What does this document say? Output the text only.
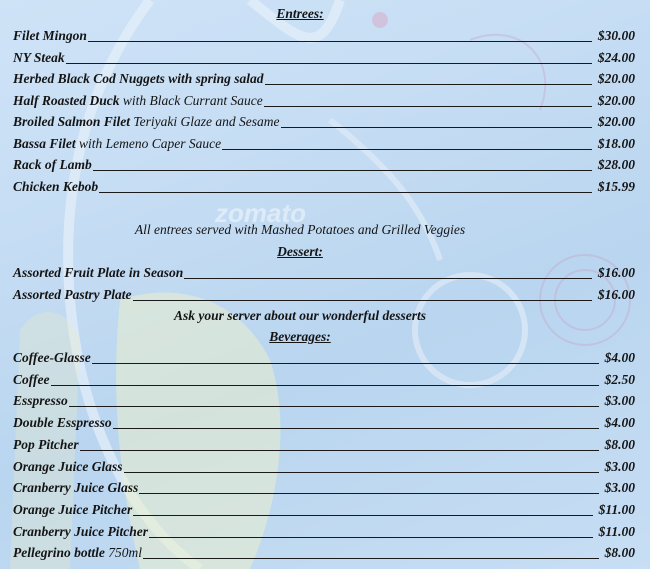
zomato
Entrees:
Filet Mingon	$30.00
NY Steak	$24.00
Herbed Black Cod Nuggets with spring salad	$20.00
Half Roasted Duck with Black Currant Sauce	$20.00
Broiled Salmon Filet Teriyaki Glaze and Sesame	$20.00
Bassa Filet with Lemeno Caper Sauce	$18.00
Rack of Lamb	$28.00
Chicken Kebob	$15.99
All entrees served with Mashed Potatoes and Grilled Veggies
Dessert:
Assorted Fruit Plate in Season	$16.00
Assorted Pastry Plate	$16.00
Ask your server about our wonderful desserts
Beverages:
Coffee-Glasse	$4.00
Coffee	$2.50
Esspresso	$3.00
Double Esspresso	$4.00
Pop Pitcher	$8.00
Orange Juice Glass	$3.00
Cranberry Juice Glass	$3.00
Orange Juice Pitcher	$11.00
Cranberry Juice Pitcher	$11.00
Pellegrino bottle 750ml	$8.00
